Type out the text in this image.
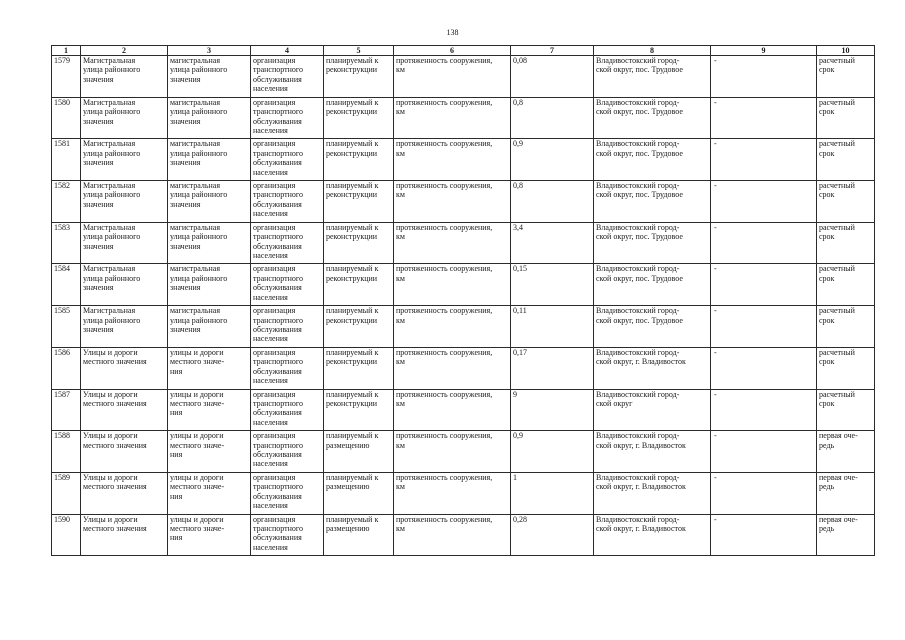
138
1	2	3	4	5	6	7	8	9	10
1579	Магистральная
улица районного
значения	магистральная
улица районного
значения	организация
транспортного
обслуживания
населения	планируемый к
реконструкции	протяженность сооружения,
км	0,08	Владивостокский город-
ской округ, пос. Трудовое	-	расчетный
срок
1580	Магистральная
улица районного
значения	магистральная
улица районного
значения	организация
транспортного
обслуживания
населения	планируемый к
реконструкции	протяженность сооружения,
км	0,8	Владивостокский город-
ской округ, пос. Трудовое	-	расчетный
срок
1581	Магистральная
улица районного
значения	магистральная
улица районного
значения	организация
транспортного
обслуживания
населения	планируемый к
реконструкции	протяженность сооружения,
км	0,9	Владивостокский город-
ской округ, пос. Трудовое	-	расчетный
срок
1582	Магистральная
улица районного
значения	магистральная
улица районного
значения	организация
транспортного
обслуживания
населения	планируемый к
реконструкции	протяженность сооружения,
км	0,8	Владивостокский город-
ской округ, пос. Трудовое	-	расчетный
срок
1583	Магистральная
улица районного
значения	магистральная
улица районного
значения	организация
транспортного
обслуживания
населения	планируемый к
реконструкции	протяженность сооружения,
км	3,4	Владивостокский город-
ской округ, пос. Трудовое	-	расчетный
срок
1584	Магистральная
улица районного
значения	магистральная
улица районного
значения	организация
транспортного
обслуживания
населения	планируемый к
реконструкции	протяженность сооружения,
км	0,15	Владивостокский город-
ской округ, пос. Трудовое	-	расчетный
срок
1585	Магистральная
улица районного
значения	магистральная
улица районного
значения	организация
транспортного
обслуживания
населения	планируемый к
реконструкции	протяженность сооружения,
км	0,11	Владивостокский город-
ской округ, пос. Трудовое	-	расчетный
срок
1586	Улицы и дороги
местного значения	улицы и дороги
местного значе-
ния	организация
транспортного
обслуживания
населения	планируемый к
реконструкции	протяженность сооружения,
км	0,17	Владивостокский город-
ской округ, г. Владивосток	-	расчетный
срок
1587	Улицы и дороги
местного значения	улицы и дороги
местного значе-
ния	организация
транспортного
обслуживания
населения	планируемый к
реконструкции	протяженность сооружения,
км	9	Владивостокский город-
ской округ	-	расчетный
срок
1588	Улицы и дороги
местного значения	улицы и дороги
местного значе-
ния	организация
транспортного
обслуживания
населения	планируемый к
размещению	протяженность сооружения,
км	0,9	Владивостокский город-
ской округ, г. Владивосток	-	первая оче-
редь
1589	Улицы и дороги
местного значения	улицы и дороги
местного значе-
ния	организация
транспортного
обслуживания
населения	планируемый к
размещению	протяженность сооружения,
км	1	Владивостокский город-
ской округ, г. Владивосток	-	первая оче-
редь
1590	Улицы и дороги
местного значения	улицы и дороги
местного значе-
ния	организация
транспортного
обслуживания
населения	планируемый к
размещению	протяженность сооружения,
км	0,28	Владивостокский город-
ской округ, г. Владивосток	-	первая оче-
редь
